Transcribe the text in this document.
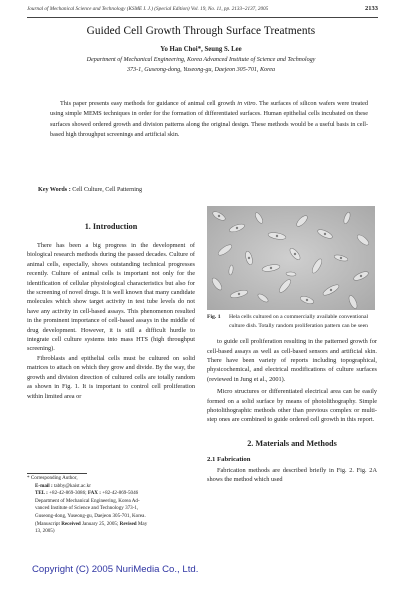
Journal of Mechanical Science and Technology (KSME I. J.) (Special Edition) Vol. 19, No. 11, pp. 2133~2137, 2005	2133
Guided Cell Growth Through Surface Treatments
Yo Han Choi*, Seung S. Lee
Department of Mechanical Engineering, Korea Advanced Institute of Science and Technology
373-1, Guseong-dong, Yuseong-gu, Daejeon 305-701, Korea

This paper presents easy methods for guidance of animal cell growth in vitro. The surfaces of silicon wafers were treated using simple MEMS techniques in order for the formation of differentiated surfaces. Human epithelial cells incubated on these surfaces showed ordered growth and division patterns along the original design. These methods would be a useful basis in cell-based high throughput screenings and artificial skin.

Key Words : Cell Culture, Cell Patterning
1. Introduction

There has been a big progress in the development of biological research methods during the passed decades. Culture of animal cells, especially, shows outstanding technical progresses recently. Culture of animal cells is important not only for the identification of cellular physiological characteristics but also for the screening of novel drugs. It is well known that many candidate molecules which show target activity in test tube levels do not have any activity in cell-based assays. This phenomenon resulted in the prominent importance of cell-based assays in the middle of drug development. However, it is still a difficult hurdle to integrate cell culture systems into mass HTS (high throughput screening).

Fibroblasts and epithelial cells must be cultured on solid matrices to attach on which they grow and divide. By the way, the growth and division direction of cultured cells are totally random as shown in Fig. 1. It is important to control cell proliferation within limited area or

* Corresponding Author,
E-mail : tabby@kaist.ac.kr
TEL : +82-42-869-3086; FAX : +82-42-869-5046
Department of Mechanical Engineering, Korea Ad-
vanced Institute of Science and Technology 373-1,
Guseong-dong, Yuseong-gu, Daejeon 305-701, Korea.
(Manuscript Received January 25, 2005; Revised May
13, 2005)
Fig. 1	Hela cells cultured on a commercially available conventional culture dish. Totally random proliferation pattern can be seen

to guide cell proliferation resulting in the patterned growth for cell-based assays as well as cell-based sensors and artificial skin. There have been variety of reports including topographical, physicochemical, and electrical modifications of culture surfaces (reviewed in Jung et al., 2001).

Micro structures or differentiated electrical area can be easily formed on a solid surface by means of photolithography. Simple photolithographic methods other than previous complex or multi-step ones are combined to guide ordered cell growth in this report.

2. Materials and Methods
2.1 Fabrication

Fabrication methods are described briefly in Fig. 2. Fig. 2A shows the method which used

Copyright (C) 2005 NuriMedia Co., Ltd.
